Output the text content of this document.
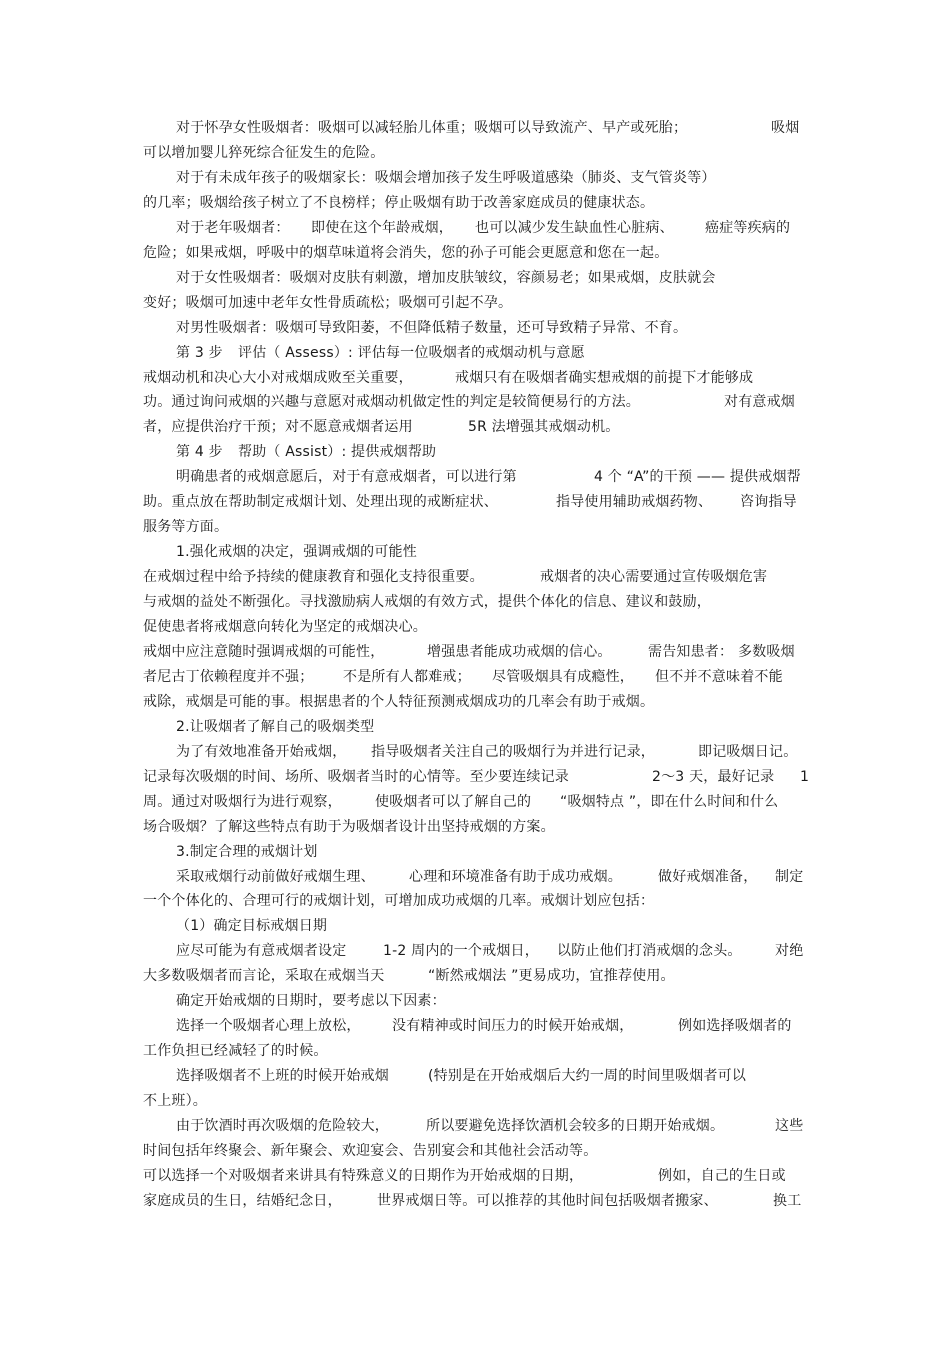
对于怀孕女性吸烟者：吸烟可以减轻胎儿体重；吸烟可以导致流产、早产或死胎；	吸烟
可以增加婴儿猝死综合征发生的危险。
对于有未成年孩子的吸烟家长：吸烟会增加孩子发生呼吸道感染（肺炎、支气管炎等）
的几率；吸烟给孩子树立了不良榜样；停止吸烟有助于改善家庭成员的健康状态。
对于老年吸烟者： 即使在这个年龄戒烟， 也可以减少发生缺血性心脏病、 癌症等疾病的
危险；如果戒烟，呼吸中的烟草味道将会消失，您的孙子可能会更愿意和您在一起。
对于女性吸烟者：吸烟对皮肤有刺激，增加皮肤皱纹，容颜易老；如果戒烟，皮肤就会
变好；吸烟可加速中老年女性骨质疏松；吸烟可引起不孕。
对男性吸烟者：吸烟可导致阳萎，不但降低精子数量，还可导致精子异常、不育。
第 3 步 评估（ Assess）: 评估每一位吸烟者的戒烟动机与意愿
戒烟动机和决心大小对戒烟成败至关重要，	戒烟只有在吸烟者确实想戒烟的前提下才能够成
功。通过询问戒烟的兴趣与意愿对戒烟动机做定性的判定是较简便易行的方法。	对有意戒烟
者，应提供治疗干预；对不愿意戒烟者运用	5R 法增强其戒烟动机。
第 4 步 帮助（ Assist）: 提供戒烟帮助
明确患者的戒烟意愿后，对于有意戒烟者，可以进行第	4 个 “A”的干预 —— 提供戒烟帮
助。重点放在帮助制定戒烟计划、处理出现的戒断症状、	指导使用辅助戒烟药物、 咨询指导
服务等方面。
1.强化戒烟的决定，强调戒烟的可能性
在戒烟过程中给予持续的健康教育和强化支持很重要。	戒烟者的决心需要通过宣传吸烟危害
与戒烟的益处不断强化。寻找激励病人戒烟的有效方式，提供个体化的信息、建议和鼓励，
促使患者将戒烟意向转化为坚定的戒烟决心。
戒烟中应注意随时强调戒烟的可能性，	增强患者能成功戒烟的信心。	需告知患者： 多数吸烟
者尼古丁依赖程度并不强； 不是所有人都难戒； 尽管吸烟具有成瘾性， 但不并不意味着不能
戒除，戒烟是可能的事。根据患者的个人特征预测戒烟成功的几率会有助于戒烟。
2.让吸烟者了解自己的吸烟类型
为了有效地准备开始戒烟， 指导吸烟者关注自己的吸烟行为并进行记录，	即记吸烟日记。
记录每次吸烟的时间、场所、吸烟者当时的心情等。至少要连续记录	2～3 天，最好记录 1
周。通过对吸烟行为进行观察， 使吸烟者可以了解自己的 “吸烟特点 ”，即在什么时间和什么
场合吸烟？了解这些特点有助于为吸烟者设计出坚持戒烟的方案。
3.制定合理的戒烟计划
采取戒烟行动前做好戒烟生理、 心理和环境准备有助于成功戒烟。	做好戒烟准备， 制定
一个个体化的、合理可行的戒烟计划，可增加成功戒烟的几率。戒烟计划应包括：
（1）确定目标戒烟日期
应尽可能为有意戒烟者设定	1-2 周内的一个戒烟日， 以防止他们打消戒烟的念头。 对绝
大多数吸烟者而言论，采取在戒烟当天	“断然戒烟法 ”更易成功，宜推荐使用。
确定开始戒烟的日期时，要考虑以下因素：
选择一个吸烟者心理上放松， 没有精神或时间压力的时候开始戒烟，	例如选择吸烟者的
工作负担已经减轻了的时候。
选择吸烟者不上班的时候开始戒烟	(特别是在开始戒烟后大约一周的时间里吸烟者可以
不上班）。
由于饮酒时再次吸烟的危险较大，	所以要避免选择饮酒机会较多的日期开始戒烟。	这些
时间包括年终聚会、新年聚会、欢迎宴会、告别宴会和其他社会活动等。
可以选择一个对吸烟者来讲具有特殊意义的日期作为开始戒烟的日期，	例如，自己的生日或
家庭成员的生日，结婚纪念日，	世界戒烟日等。可以推荐的其他时间包括吸烟者搬家、	换工
